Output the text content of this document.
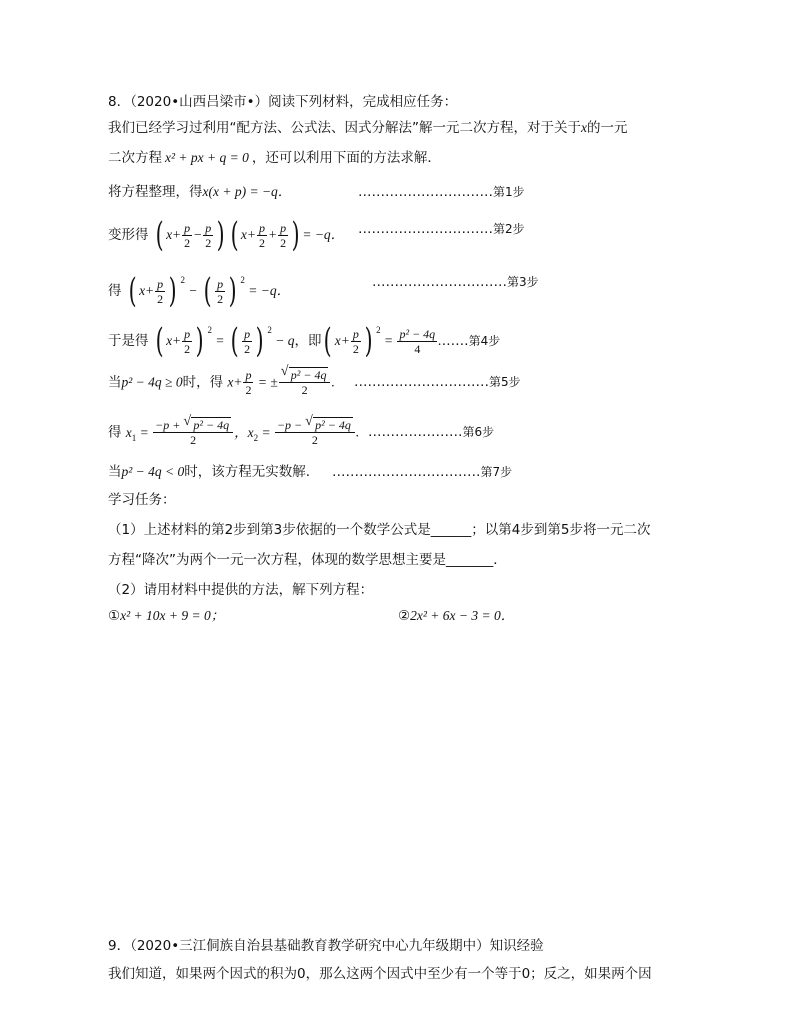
8．（2020•山西吕梁市•）阅读下列材料，完成相应任务：
我们已经学习过利用“配方法、公式法、因式分解法”解一元二次方程，对于关于x的一元
二次方程 x² + px + q = 0 ，还可以利用下面的方法求解．
将方程整理，得x(x + p) = −q．	…………………………第1步
变形得 ( $x+ \frac{p}{2} - \frac{p}{2}$ ) ( $x+ \frac{p}{2} + \frac{p}{2}$ ) = −q． …………………………第2步
得 ( $x+ \frac{p}{2}$ ) $^2$ − ( $\frac{p}{2}$ ) $^2$ = −q．
…………………………第3步
于是得 ( $x+ \frac{p}{2}$ ) $^2$ = ( $\frac{p}{2}$ ) $^2$ − q，即( $x+ \frac{p}{2}$ ) $^2 = \frac{\text{p² − 4q}}{4}$ .……第4步
当p² − 4q ≥ 0时，得 $x+ \frac{p}{2}$ = ± $\frac{\text{√ p² − 4q}}{2}$ . …………………………第5步
得 $x_1 = \frac{\text{−p + √ p² − 4q}}{2}$ ，$x_2 = \frac{\text{−p − √ p² − 4q}}{2}$ . …………………第6步
当p² − 4q < 0时，该方程无实数解. ……………………………第7步
学习任务：
（1）上述材料的第2步到第3步依据的一个数学公式是______；以第4步到第5步将一元二次
方程“降次”为两个一元一次方程，体现的数学思想主要是_______．
（2）请用材料中提供的方法，解下列方程：
①x² + 10x + 9 = 0；	②2x² + 6x − 3 = 0．
9．（2020•三江侗族自治县基础教育教学研究中心九年级期中）知识经验
我们知道，如果两个因式的积为0，那么这两个因式中至少有一个等于0；反之，如果两个因
